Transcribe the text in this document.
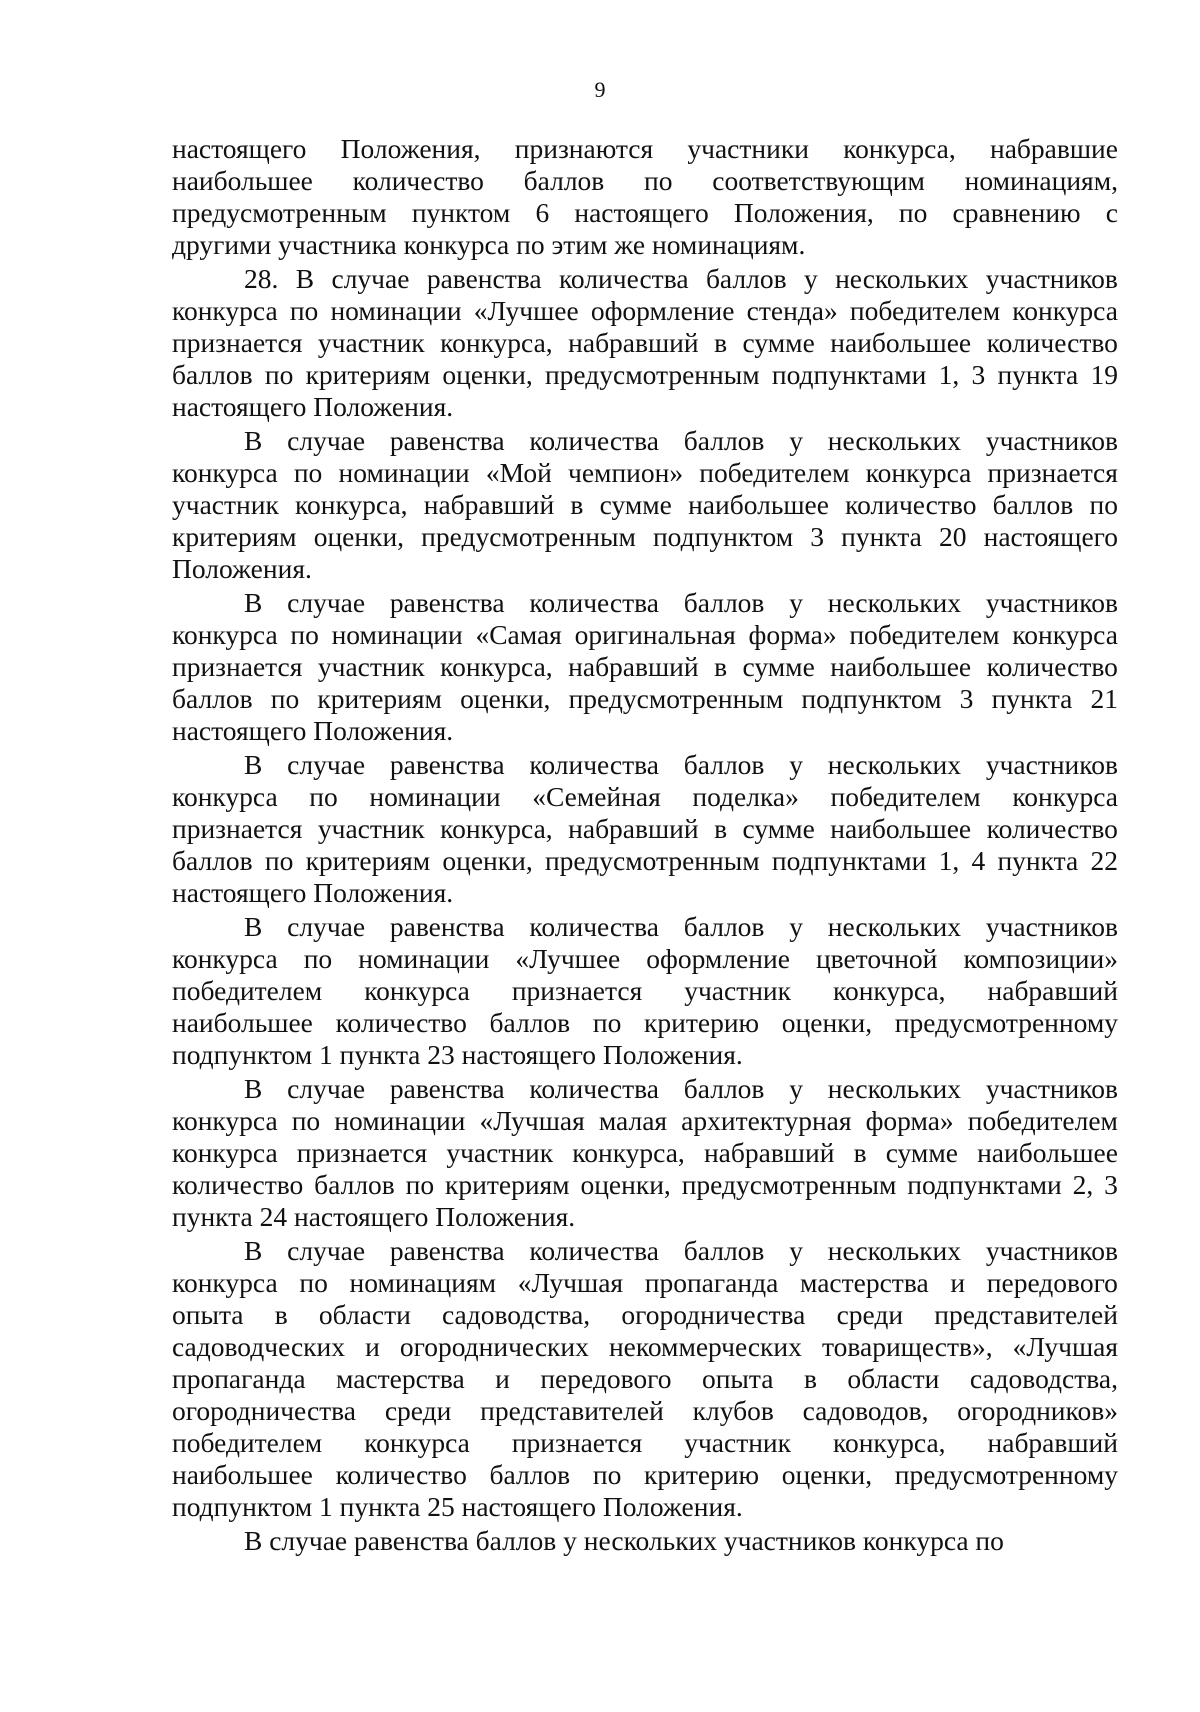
9
настоящего Положения, признаются участники конкурса, набравшие
наибольшее количество баллов по соответствующим номинациям,
предусмотренным пунктом 6 настоящего Положения, по сравнению с
другими участника конкурса по этим же номинациям.
28. В случае равенства количества баллов у нескольких участников
конкурса по номинации «Лучшее оформление стенда» победителем конкурса
признается участник конкурса, набравший в сумме наибольшее количество
баллов по критериям оценки, предусмотренным подпунктами 1, 3 пункта 19
настоящего Положения.
В случае равенства количества баллов у нескольких участников
конкурса по номинации «Мой чемпион» победителем конкурса признается
участник конкурса, набравший в сумме наибольшее количество баллов по
критериям оценки, предусмотренным подпунктом 3 пункта 20 настоящего
Положения.
В случае равенства количества баллов у нескольких участников
конкурса по номинации «Самая оригинальная форма» победителем конкурса
признается участник конкурса, набравший в сумме наибольшее количество
баллов по критериям оценки, предусмотренным подпунктом 3 пункта 21
настоящего Положения.
В случае равенства количества баллов у нескольких участников
конкурса по номинации «Семейная поделка» победителем конкурса
признается участник конкурса, набравший в сумме наибольшее количество
баллов по критериям оценки, предусмотренным подпунктами 1, 4 пункта 22
настоящего Положения.
В случае равенства количества баллов у нескольких участников
конкурса по номинации «Лучшее оформление цветочной композиции»
победителем конкурса признается участник конкурса, набравший
наибольшее количество баллов по критерию оценки, предусмотренному
подпунктом 1 пункта 23 настоящего Положения.
В случае равенства количества баллов у нескольких участников
конкурса по номинации «Лучшая малая архитектурная форма» победителем
конкурса признается участник конкурса, набравший в сумме наибольшее
количество баллов по критериям оценки, предусмотренным подпунктами 2, 3
пункта 24 настоящего Положения.
В случае равенства количества баллов у нескольких участников
конкурса по номинациям «Лучшая пропаганда мастерства и передового
опыта в области садоводства, огородничества среди представителей
садоводческих и огороднических некоммерческих товариществ», «Лучшая
пропаганда мастерства и передового опыта в области садоводства,
огородничества среди представителей клубов садоводов, огородников»
победителем конкурса признается участник конкурса, набравший
наибольшее количество баллов по критерию оценки, предусмотренному
подпунктом 1 пункта 25 настоящего Положения.
В случае равенства баллов у нескольких участников конкурса по
